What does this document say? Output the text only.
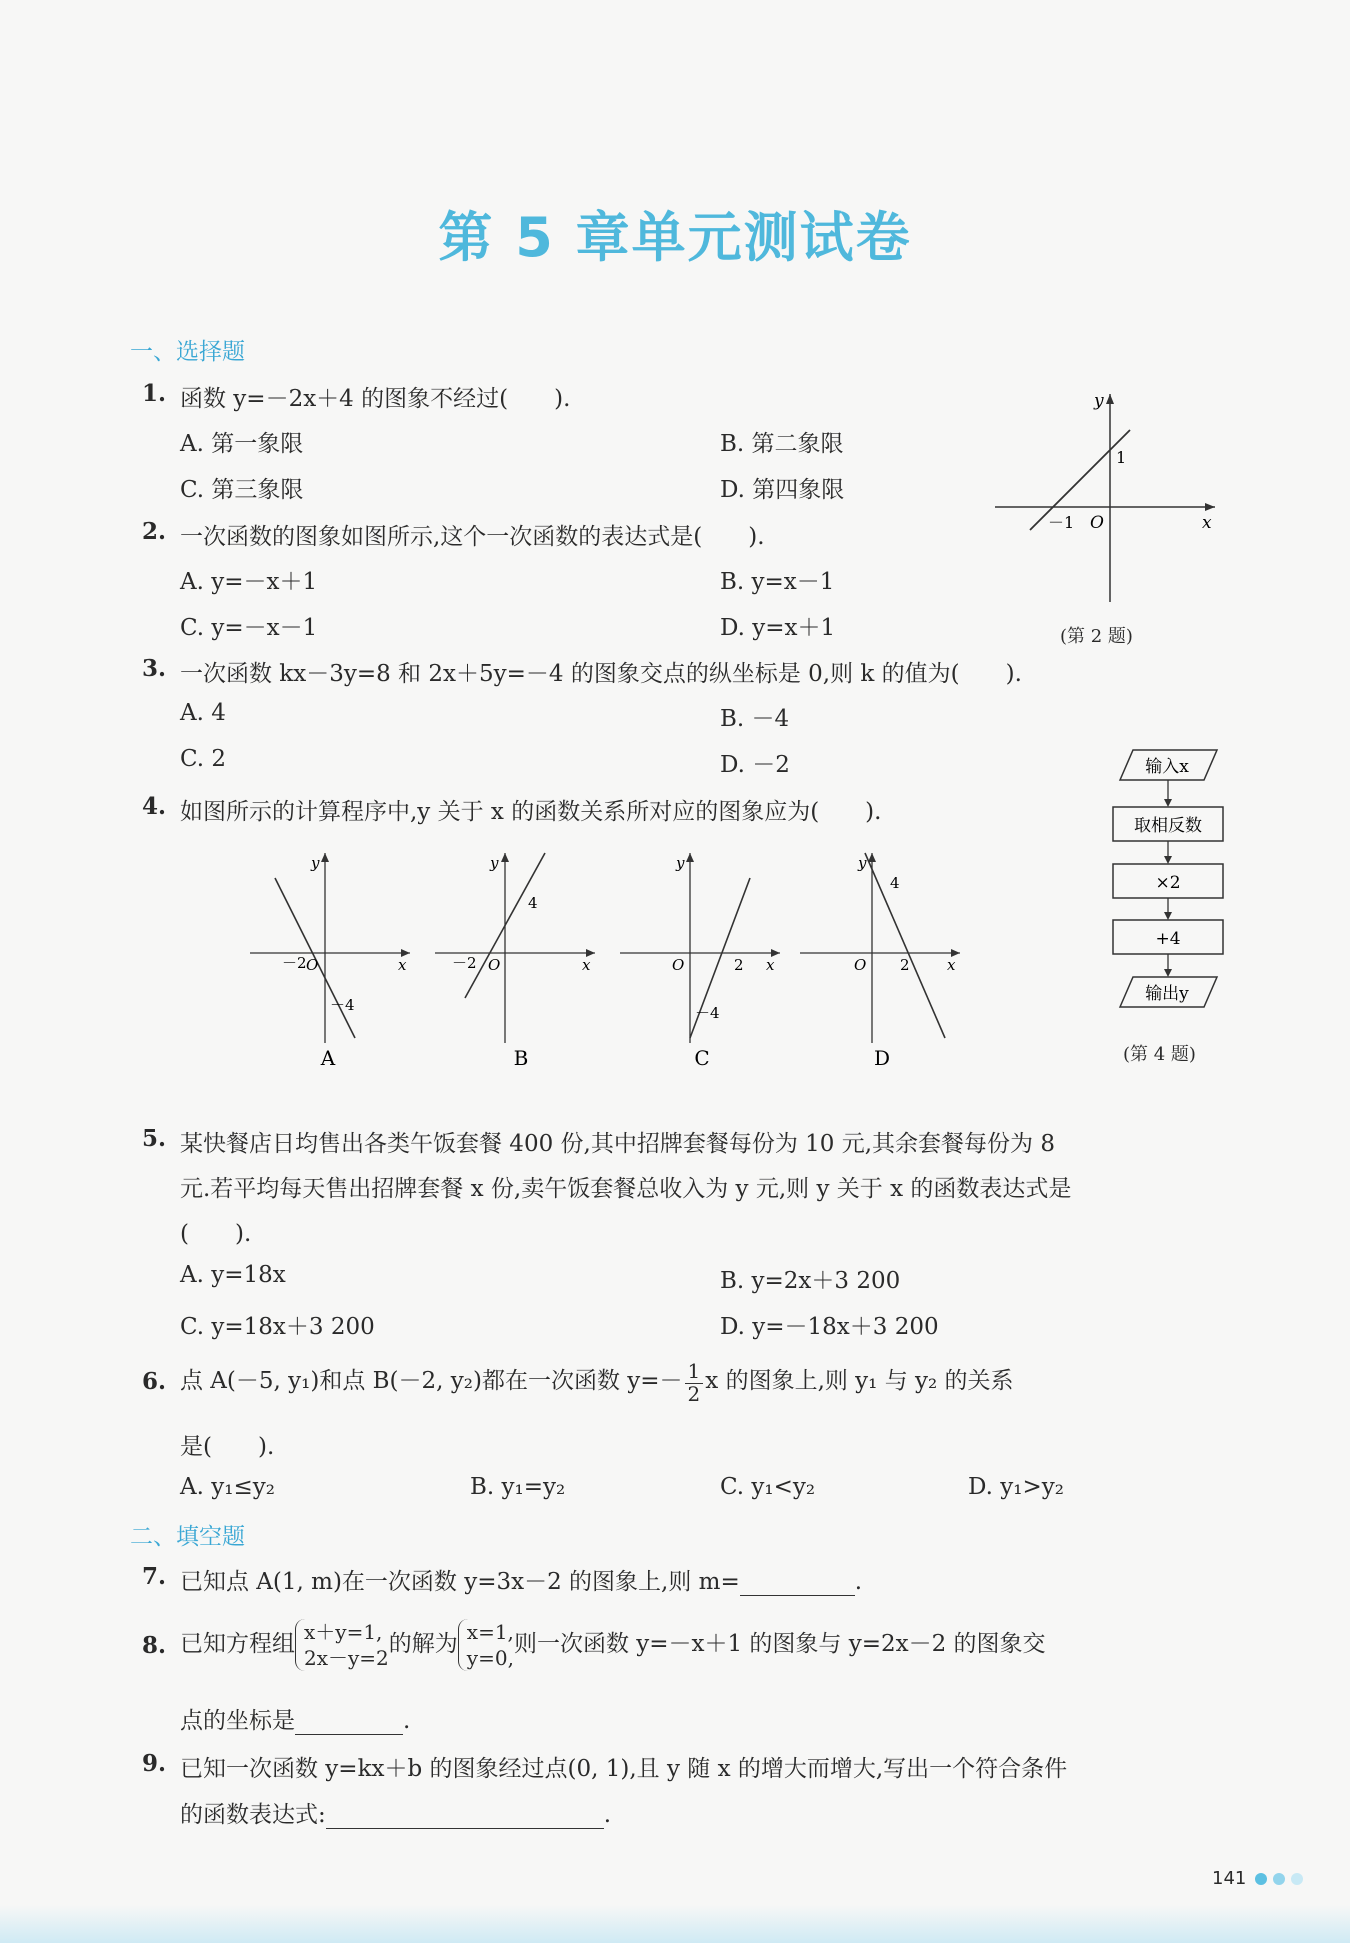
第 5 章单元测试卷
一、选择题
1. 函数 y=－2x＋4 的图象不经过(　　).
A. 第一象限	B. 第二象限
C. 第三象限	D. 第四象限
y
x
O
1
－1
(第 2 题)
2. 一次函数的图象如图所示,这个一次函数的表达式是(　　).
A. y=－x＋1	B. y=x－1
C. y=－x－1	D. y=x＋1
3. 一次函数 kx－3y=8 和 2x＋5y=－4 的图象交点的纵坐标是 0,则 k 的值为(　　).
A. 4	B. －4
C. 2	D. －2
4. 如图所示的计算程序中,y 关于 x 的函数关系所对应的图象应为(　　).
输入x
取相反数
×2
+4
输出y
(第 4 题)
y
x
O
－2
－4
A
y
x
O
－2
4
B
y
x
O	2
－4
C
y
x
O 2
4
D
5. 某快餐店日均售出各类午饭套餐 400 份,其中招牌套餐每份为 10 元,其余套餐每份为 8
元.若平均每天售出招牌套餐 x 份,卖午饭套餐总收入为 y 元,则 y 关于 x 的函数表达式是
(　　).
A. y=18x	B. y=2x＋3 200
C. y=18x＋3 200	D. y=－18x＋3 200
6. 点 A(－5, y₁)和点 B(－2, y₂)都在一次函数 $y=- \frac{1}{2}$ x 的图象上,则 y₁ 与 y₂ 的关系
是(　　).
A. y₁≤y₂	B. y₁=y₂	C. y₁<y₂	D. y₁>y₂
二、填空题
7. 已知点 A(1, m)在一次函数 y=3x－2 的图象上,则 m=	.
8. 已知方程组 x＋y=1,
2x－y=2
的解为 x=1,
y=0,
则一次函数 y=－x＋1 的图象与 y=2x－2 的图象交
点的坐标是	.
9. 已知一次函数 y=kx＋b 的图象经过点(0, 1),且 y 随 x 的增大而增大,写出一个符合条件
的函数表达式:	.
141
